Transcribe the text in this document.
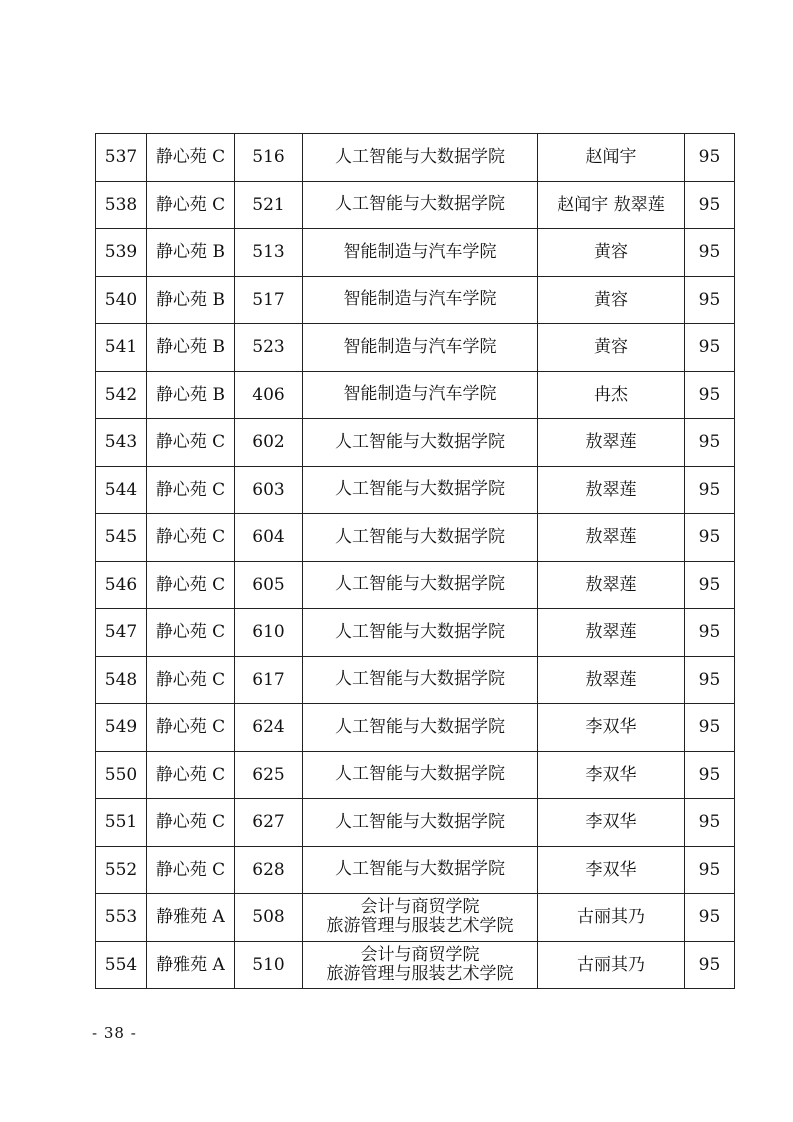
537	静心苑 C	516	人工智能与大数据学院	赵闻宇	95
538	静心苑 C	521	人工智能与大数据学院	赵闻宇 敖翠莲	95
539	静心苑 B	513	智能制造与汽车学院	黄容	95
540	静心苑 B	517	智能制造与汽车学院	黄容	95
541	静心苑 B	523	智能制造与汽车学院	黄容	95
542	静心苑 B	406	智能制造与汽车学院	冉杰	95
543	静心苑 C	602	人工智能与大数据学院	敖翠莲	95
544	静心苑 C	603	人工智能与大数据学院	敖翠莲	95
545	静心苑 C	604	人工智能与大数据学院	敖翠莲	95
546	静心苑 C	605	人工智能与大数据学院	敖翠莲	95
547	静心苑 C	610	人工智能与大数据学院	敖翠莲	95
548	静心苑 C	617	人工智能与大数据学院	敖翠莲	95
549	静心苑 C	624	人工智能与大数据学院	李双华	95
550	静心苑 C	625	人工智能与大数据学院	李双华	95
551	静心苑 C	627	人工智能与大数据学院	李双华	95
552	静心苑 C	628	人工智能与大数据学院	李双华	95
553	静雅苑 A	508	会计与商贸学院
旅游管理与服装艺术学院	古丽其乃	95
554	静雅苑 A	510	会计与商贸学院
旅游管理与服装艺术学院	古丽其乃	95
- 38 -
